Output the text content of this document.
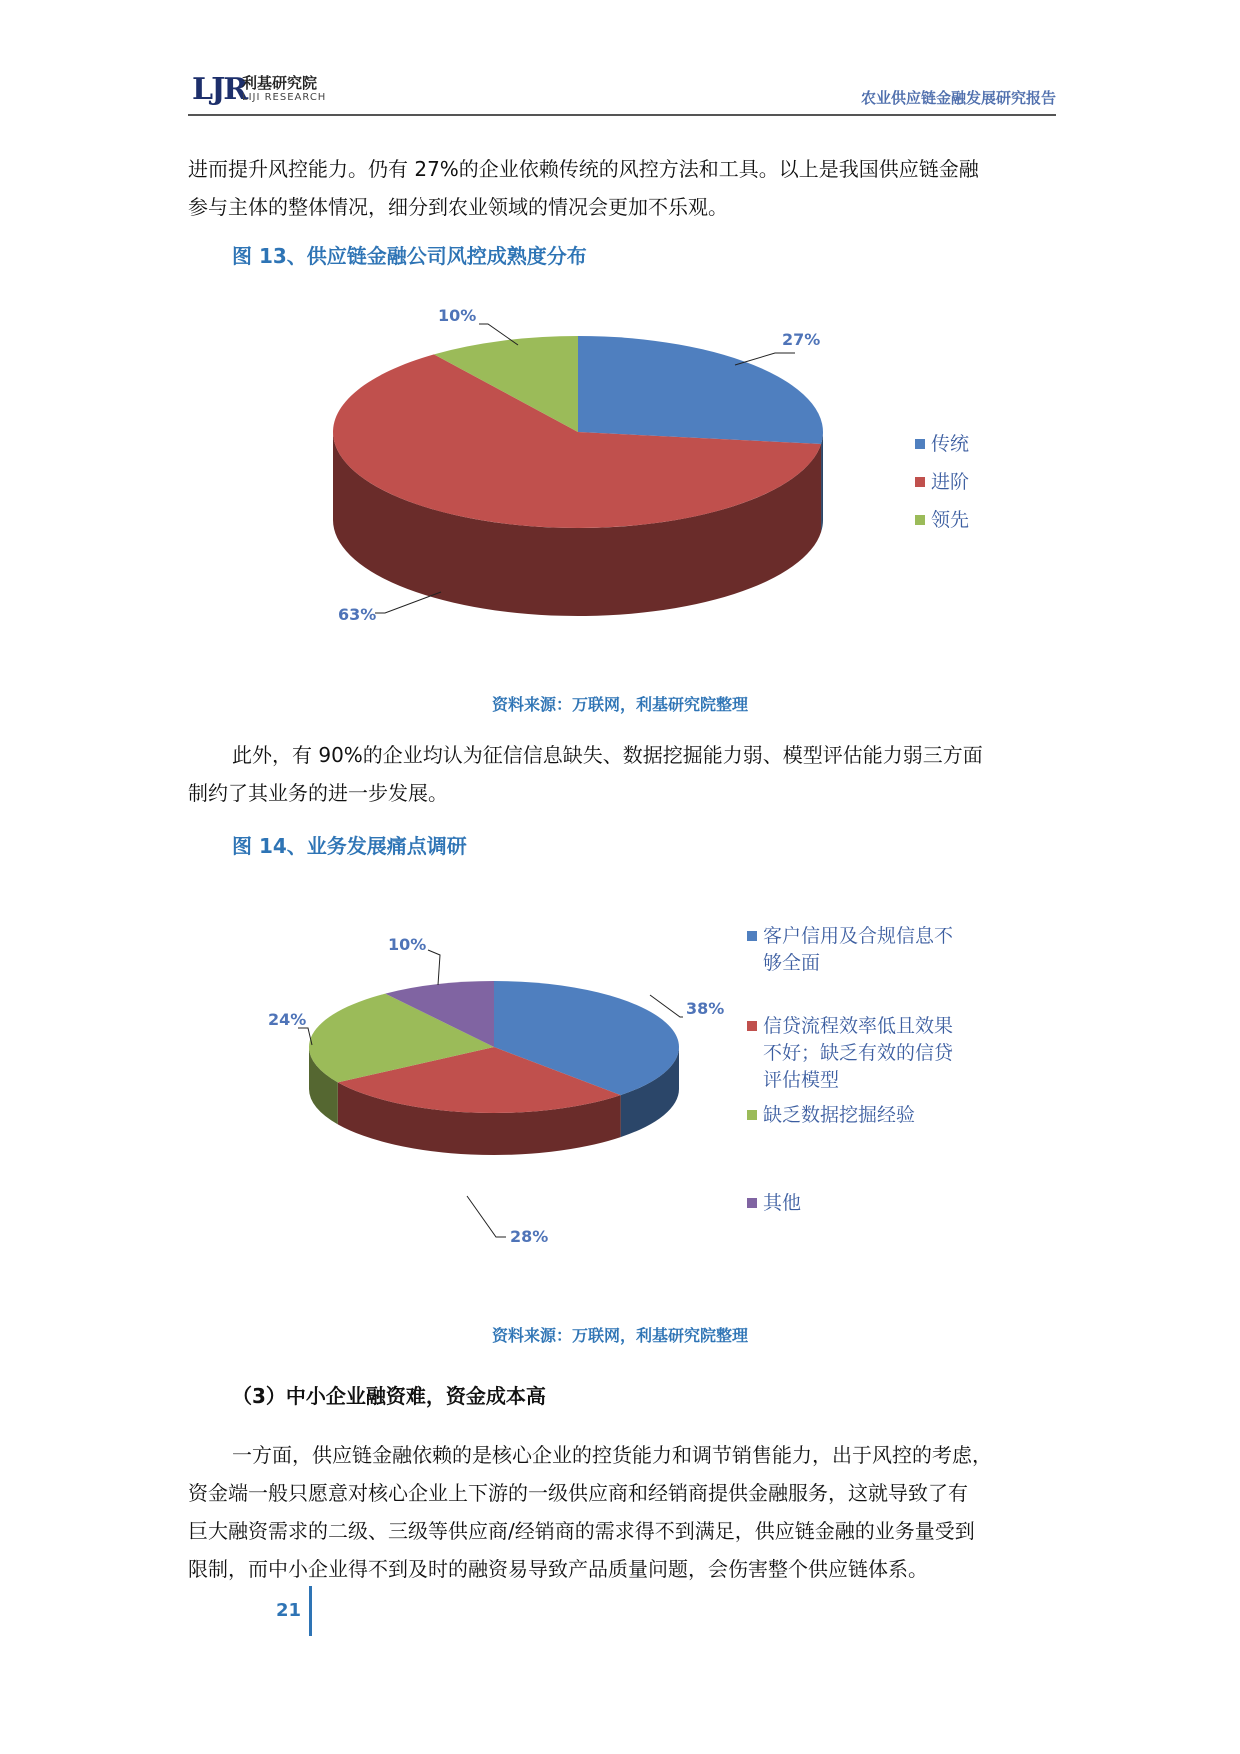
LJR
利基研究院
LIJI RESEARCH	农业供应链金融发展研究报告

进而提升风控能力。仍有 27%的企业依赖传统的风控方法和工具。以上是我国供应链金融

参与主体的整体情况，细分到农业领域的情况会更加不乐观。

图 13、供应链金融公司风控成熟度分布
27%
63%
10%
传统
进阶
领先
资料来源：万联网，利基研究院整理

此外，有 90%的企业均认为征信信息缺失、数据挖掘能力弱、模型评估能力弱三方面

制约了其业务的进一步发展。

图 14、业务发展痛点调研
38%
28%
24%
10%	客户信用及合规信息不
够全面
信贷流程效率低且效果
不好；缺乏有效的信贷
评估模型
缺乏数据挖掘经验
其他
资料来源：万联网，利基研究院整理
（3）中小企业融资难，资金成本高

一方面，供应链金融依赖的是核心企业的控货能力和调节销售能力，出于风控的考虑，

资金端一般只愿意对核心企业上下游的一级供应商和经销商提供金融服务，这就导致了有

巨大融资需求的二级、三级等供应商/经销商的需求得不到满足，供应链金融的业务量受到

限制，而中小企业得不到及时的融资易导致产品质量问题，会伤害整个供应链体系。

21
